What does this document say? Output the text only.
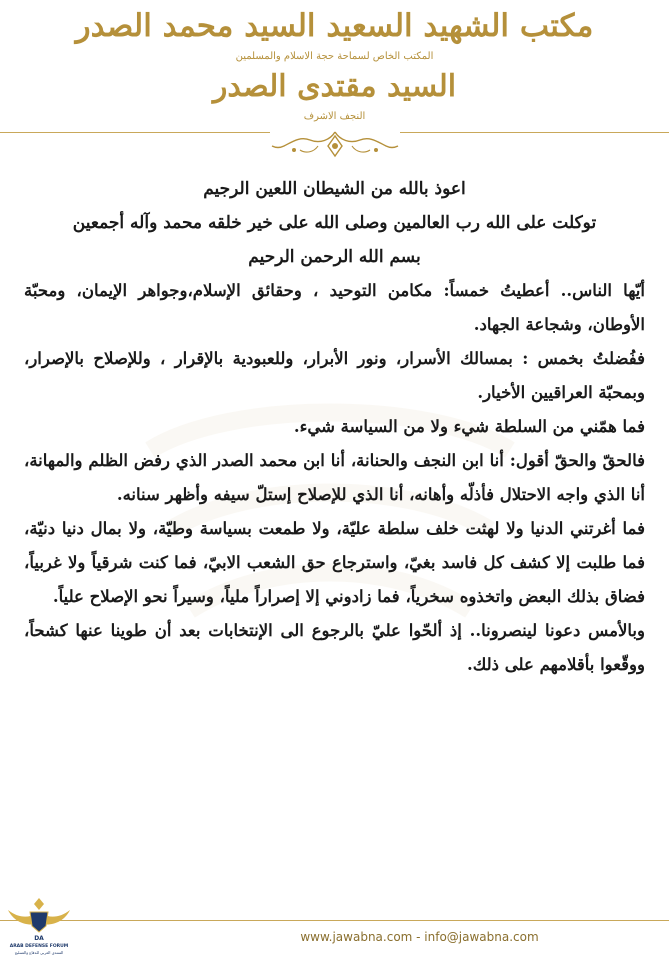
مكتب الشهيد السعيد السيد محمد الصدر
المكتب الخاص لسماحة حجة الاسلام والمسلمين
السيد مقتدى الصدر
النجف الاشرف

اعوذ بالله من الشيطان اللعين الرجيم

توكلت على الله رب العالمين وصلى الله على خير خلقه محمد وآله أجمعين

بسم الله الرحمن الرحيم

أيّها الناس.. أعطيتُ خمساً: مكامن التوحيد ، وحقائق الإسلام،وجواهر الإيمان، ومحبّة الأوطان، وشجاعة الجهاد.

ففُضلتُ بخمس : بمسالك الأسرار، ونور الأبرار، وللعبودية بالإقرار ، وللإصلاح بالإصرار، وبمحبّة العراقيين الأخيار.

فما همّني من السلطة شيء ولا من السياسة شيء.

فالحقّ والحقّ أقول: أنا ابن النجف والحنانة، أنا ابن محمد الصدر الذي رفض الظلم والمهانة، أنا الذي واجه الاحتلال فأذلّه وأهانه، أنا الذي للإصلاح إستلّ سيفه وأظهر سنانه.

فما أغرتني الدنيا ولا لهثت خلف سلطة عليّة، ولا طمعت بسياسة وطيّة، ولا بمال دنيا دنيّة، فما طلبت إلا كشف كل فاسد بغيّ، واسترجاع حق الشعب الابيّ، فما كنت شرقياً ولا غربياً، فضاق بذلك البعض واتخذوه سخرياً، فما زادوني إلا إصراراً ملياً، وسيراً نحو الإصلاح علياً.

وبالأمس دعونا لينصرونا.. إذ ألحّوا عليّ بالرجوع الى الإنتخابات بعد أن طوينا عنها كشحاً، ووقّعوا بأقلامهم على ذلك.

www.jawabna.com - info@jawabna.com
DA
ARAB DEFENSE FORUM
المنتدى العربي للدفاع والتسليح
